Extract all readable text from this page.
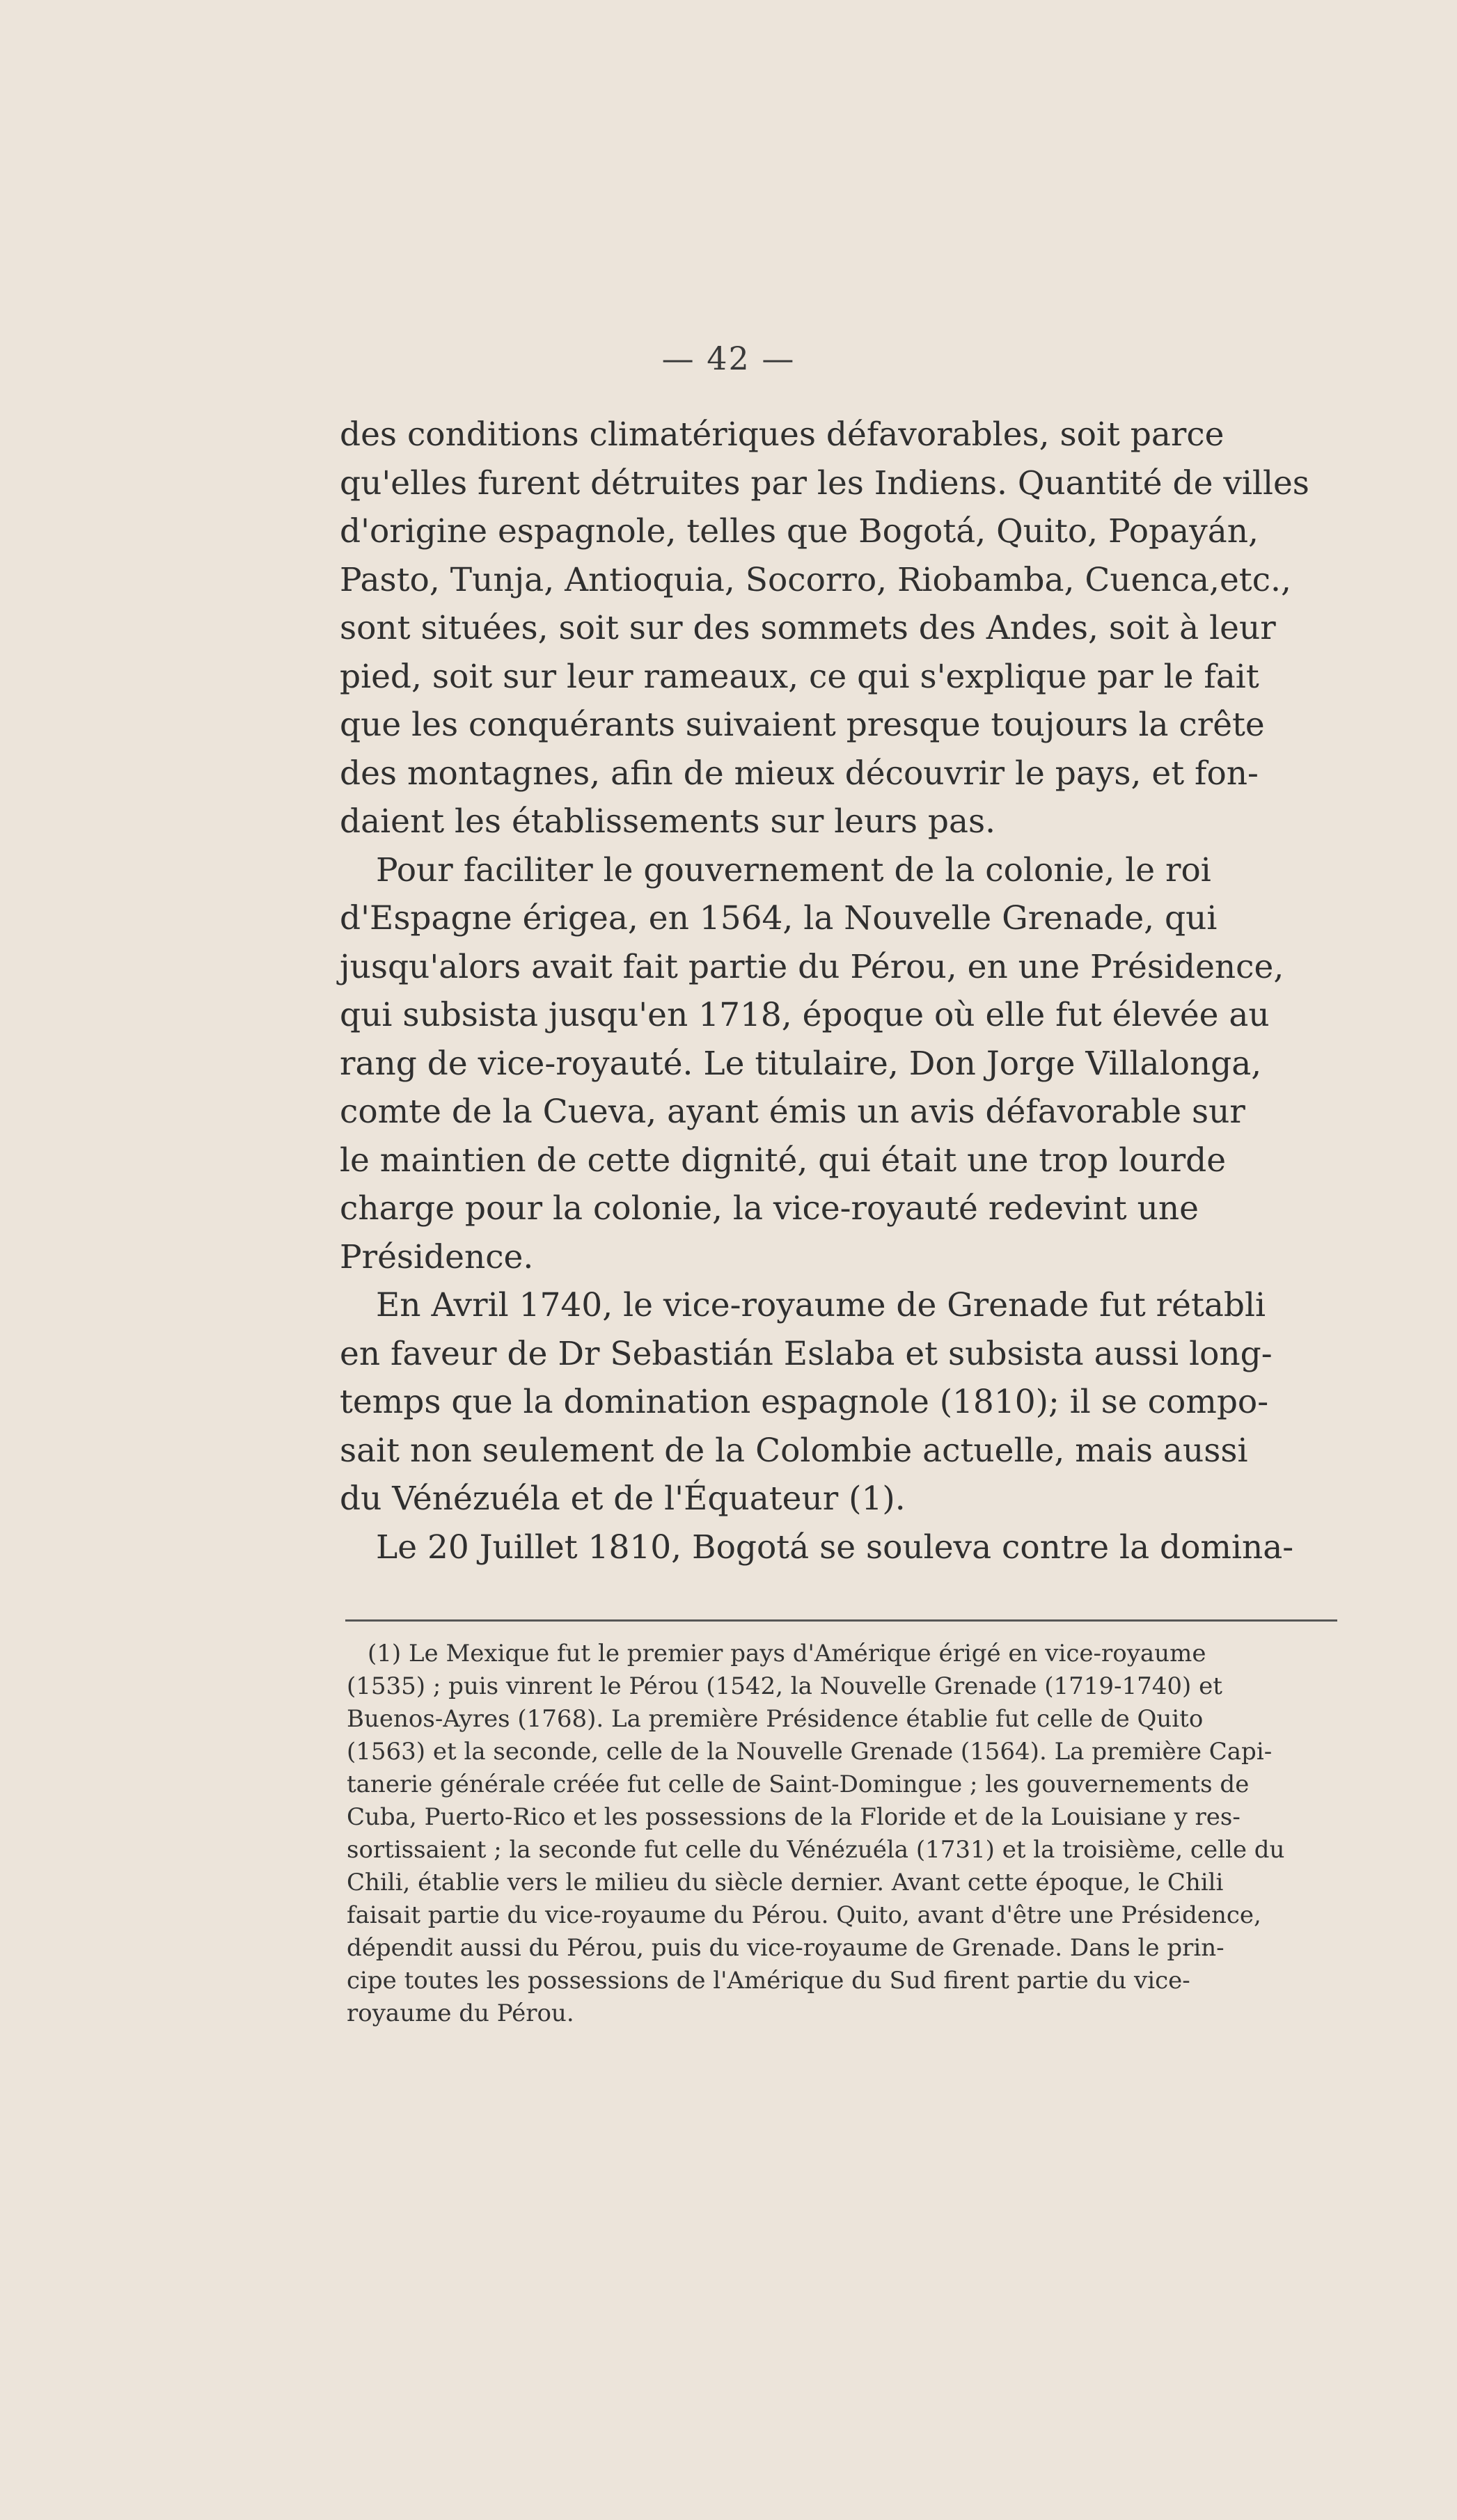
— 42 —
des conditions climatériques défavorables, soit parce
qu'elles furent détruites par les Indiens. Quantité de villes
d'origine espagnole, telles que Bogotá, Quito, Popayán,
Pasto, Tunja, Antioquia, Socorro, Riobamba, Cuenca,etc.,
sont situées, soit sur des sommets des Andes, soit à leur
pied, soit sur leur rameaux, ce qui s'explique par le fait
que les conquérants suivaient presque toujours la crête
des montagnes, afin de mieux découvrir le pays, et fon-
daient les établissements sur leurs pas.
Pour faciliter le gouvernement de la colonie, le roi
d'Espagne érigea, en 1564, la Nouvelle Grenade, qui
jusqu'alors avait fait partie du Pérou, en une Présidence,
qui subsista jusqu'en 1718, époque où elle fut élevée au
rang de vice-royauté. Le titulaire, Don Jorge Villalonga,
comte de la Cueva, ayant émis un avis défavorable sur
le maintien de cette dignité, qui était une trop lourde
charge pour la colonie, la vice-royauté redevint une
Présidence.
En Avril 1740, le vice-royaume de Grenade fut rétabli
en faveur de Dr Sebastián Eslaba et subsista aussi long-
temps que la domination espagnole (1810); il se compo-
sait non seulement de la Colombie actuelle, mais aussi
du Vénézuéla et de l'Équateur (1).
Le 20 Juillet 1810, Bogotá se souleva contre la domina-
(1) Le Mexique fut le premier pays d'Amérique érigé en vice-royaume
(1535) ; puis vinrent le Pérou (1542, la Nouvelle Grenade (1719-1740) et
Buenos-Ayres (1768). La première Présidence établie fut celle de Quito
(1563) et la seconde, celle de la Nouvelle Grenade (1564). La première Capi-
tanerie générale créée fut celle de Saint-Domingue ; les gouvernements de
Cuba, Puerto-Rico et les possessions de la Floride et de la Louisiane y res-
sortissaient ; la seconde fut celle du Vénézuéla (1731) et la troisième, celle du
Chili, établie vers le milieu du siècle dernier. Avant cette époque, le Chili
faisait partie du vice-royaume du Pérou. Quito, avant d'être une Présidence,
dépendit aussi du Pérou, puis du vice-royaume de Grenade. Dans le prin-
cipe toutes les possessions de l'Amérique du Sud firent partie du vice-
royaume du Pérou.
